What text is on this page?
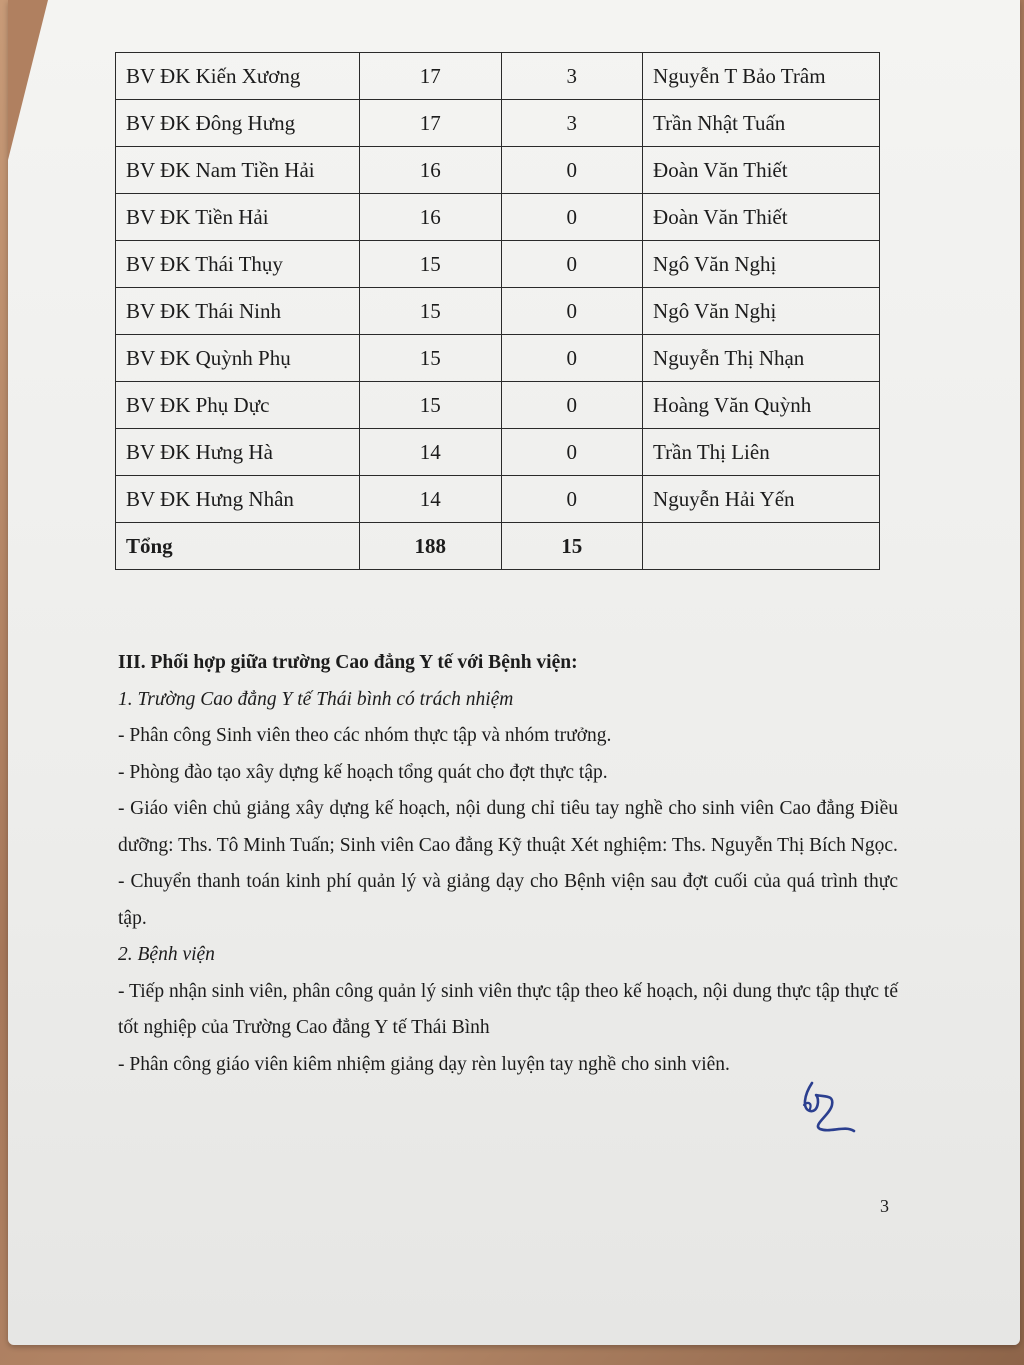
BV ĐK Kiến Xương	17	3	Nguyễn T Bảo Trâm
BV ĐK Đông Hưng	17	3	Trần Nhật Tuấn
BV ĐK Nam Tiền Hải	16	0	Đoàn Văn Thiết
BV ĐK Tiền Hải	16	0	Đoàn Văn Thiết
BV ĐK Thái Thụy	15	0	Ngô Văn Nghị
BV ĐK Thái Ninh	15	0	Ngô Văn Nghị
BV ĐK Quỳnh Phụ	15	0	Nguyễn Thị Nhạn
BV ĐK Phụ Dực	15	0	Hoàng Văn Quỳnh
BV ĐK Hưng Hà	14	0	Trần Thị Liên
BV ĐK Hưng Nhân	14	0	Nguyễn Hải Yến
Tổng	188	15	

III. Phối hợp giữa trường Cao đẳng Y tế với Bệnh viện:

1. Trường Cao đẳng Y tế Thái bình có trách nhiệm

- Phân công Sinh viên theo các nhóm thực tập và nhóm trưởng.

- Phòng đào tạo xây dựng kế hoạch tổng quát cho đợt thực tập.

- Giáo viên chủ giảng xây dựng kế hoạch, nội dung chỉ tiêu tay nghề cho sinh viên Cao đẳng Điều dưỡng: Ths. Tô Minh Tuấn; Sinh viên Cao đẳng Kỹ thuật Xét nghiệm: Ths. Nguyễn Thị Bích Ngọc.

- Chuyển thanh toán kinh phí quản lý và giảng dạy cho Bệnh viện sau đợt cuối của quá trình thực tập.

2. Bệnh viện

- Tiếp nhận sinh viên, phân công quản lý sinh viên thực tập theo kế hoạch, nội dung thực tập thực tế tốt nghiệp của Trường Cao đẳng Y tế Thái Bình

- Phân công giáo viên kiêm nhiệm giảng dạy rèn luyện tay nghề cho sinh viên.

3
